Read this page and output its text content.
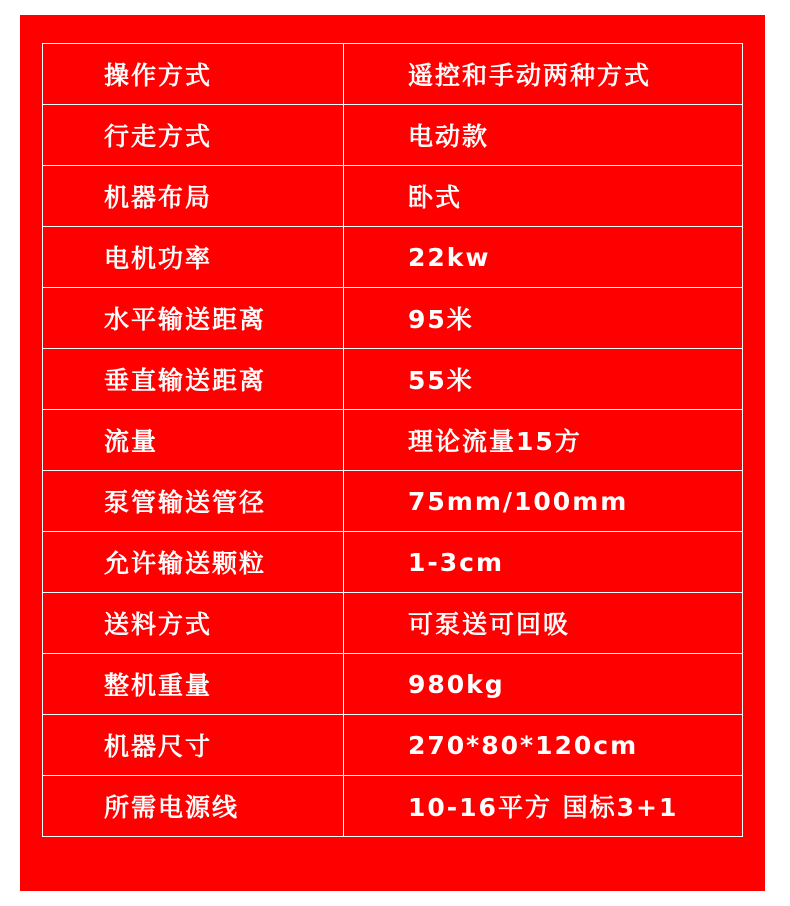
操作方式	遥控和手动两种方式
行走方式	电动款
机器布局	卧式
电机功率	22kw
水平输送距离	95米
垂直输送距离	55米
流量	理论流量15方
泵管输送管径	75mm/100mm
允许输送颗粒	1-3cm
送料方式	可泵送可回吸
整机重量	980kg
机器尺寸	270*80*120cm
所需电源线	10-16平方 国标3+1
